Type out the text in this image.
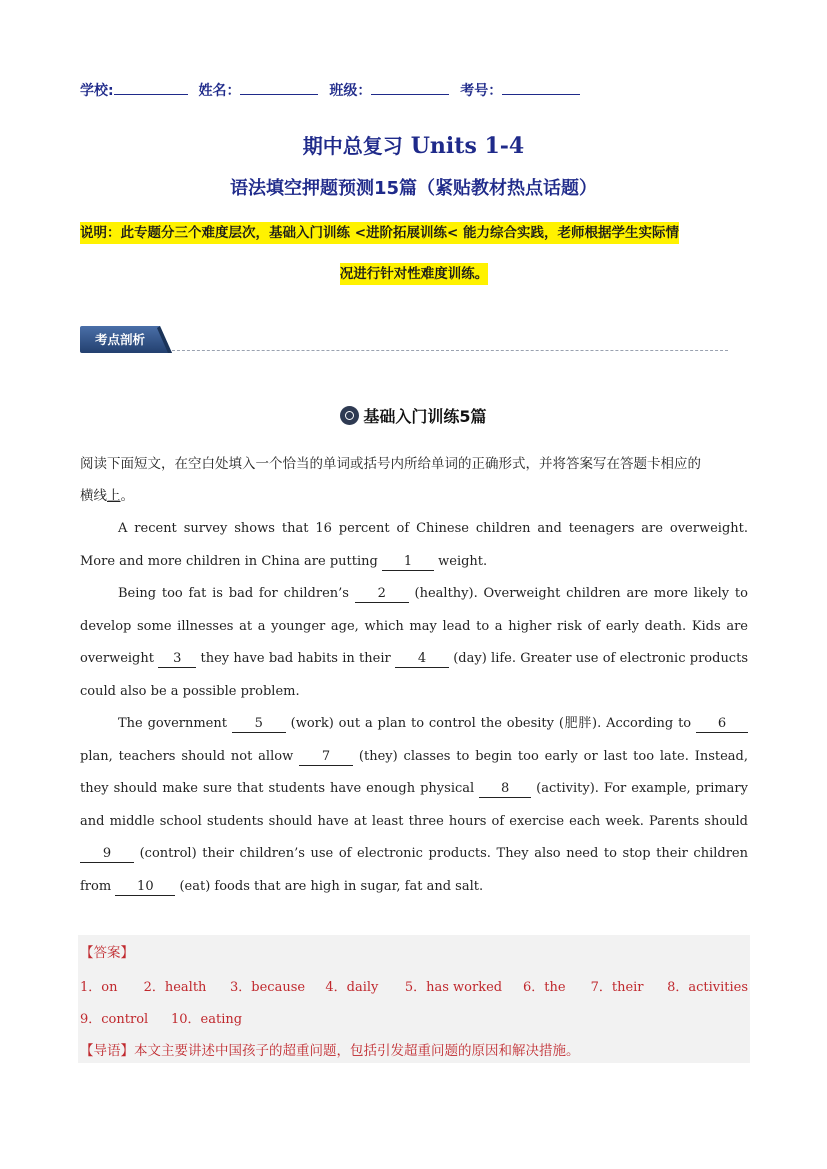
学校:	姓名：	班级：	考号：
期中总复习 Units 1-4
语法填空押题预测15篇（紧贴教材热点话题）
说明：此专题分三个难度层次，基础入门训练 <进阶拓展训练< 能力综合实践，老师根据学生实际情
况进行针对性难度训练。
考点剖析
基础入门训练5篇
阅读下面短文，在空白处填入一个恰当的单词或括号内所给单词的正确形式，并将答案写在答题卡相应的
横线上。
A recent survey shows that 16 percent of Chinese children and teenagers are overweight. More and more children in China are putting 1 weight.
Being too fat is bad for children’s 2 (healthy). Overweight children are more likely to develop some illnesses at a younger age, which may lead to a higher risk of early death. Kids are overweight 3 they have bad habits in their 4 (day) life. Greater use of electronic products could also be a possible problem.
The government 5 (work) out a plan to control the obesity (肥胖). According to 6 plan, teachers should not allow 7 (they) classes to begin too early or last too late. Instead, they should make sure that students have enough physical 8 (activity). For example, primary and middle school students should have at least three hours of exercise each week. Parents should 9 (control) their children’s use of electronic products. They also need to stop their children from 10 (eat) foods that are high in sugar, fat and salt.
【答案】
1．on	2．health	3．because	4．daily	5．has worked	6．the	7．their	8．activities
9．control	10．eating
【导语】本文主要讲述中国孩子的超重问题，包括引发超重问题的原因和解决措施。
